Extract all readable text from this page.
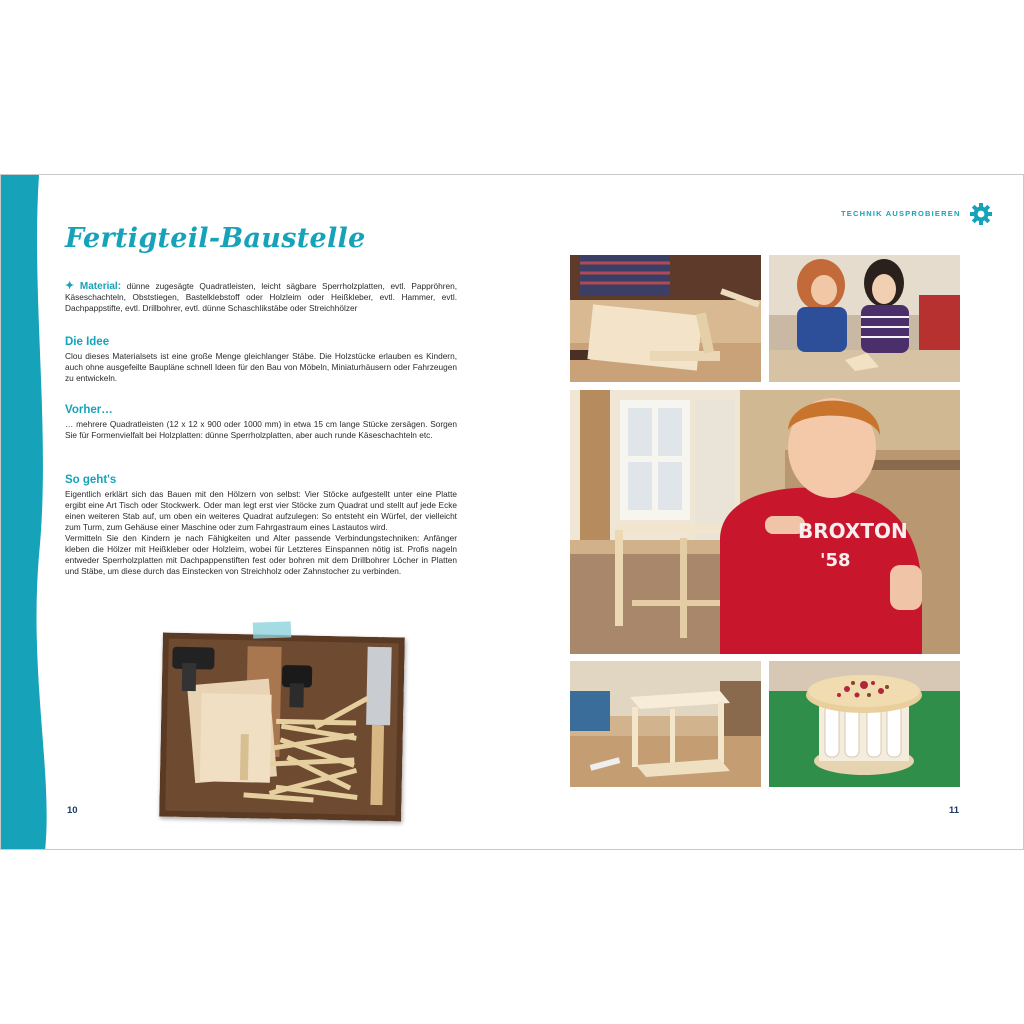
Fertigteil-Baustelle
✦ Material: dünne zugesägte Quadratleisten, leicht sägbare Sperrholzplatten, evtl. Pappröhren, Käseschachteln, Obststiegen, Bastelklebstoff oder Holzleim oder Heißkleber, evtl. Hammer, evtl. Dachpappstifte, evtl. Drillbohrer, evtl. dünne Schaschlikstäbe oder Streichhölzer
Die Idee

Clou dieses Materialsets ist eine große Menge gleichlanger Stäbe. Die Holzstücke erlauben es Kindern, auch ohne ausgefeilte Baupläne schnell Ideen für den Bau von Möbeln, Miniaturhäusern oder Fahrzeugen zu entwickeln.

Vorher…

… mehrere Quadratleisten (12 x 12 x 900 oder 1000 mm) in etwa 15 cm lange Stücke zersägen. Sorgen Sie für Formenvielfalt bei Holzplatten: dünne Sperrholzplatten, aber auch runde Käseschachteln etc.

So geht's

Eigentlich erklärt sich das Bauen mit den Hölzern von selbst: Vier Stöcke aufgestellt unter eine Platte ergibt eine Art Tisch oder Stockwerk. Oder man legt erst vier Stöcke zum Quadrat und stellt auf jede Ecke einen weiteren Stab auf, um oben ein weiteres Quadrat aufzulegen: So entsteht ein Würfel, der vielleicht zum Turm, zum Gehäuse einer Maschine oder zum Fahrgastraum eines Lastautos wird.

Vermitteln Sie den Kindern je nach Fähigkeiten und Alter passende Verbindungstechniken: Anfänger kleben die Hölzer mit Heißkleber oder Holzleim, wobei für Letzteres Einspannen nötig ist. Profis nageln entweder Sperrholzplatten mit Dachpappenstiften fest oder bohren mit dem Drillbohrer Löcher in Platten und Stäbe, um diese durch das Einstecken von Streichholz oder Zahnstocher zu verbinden.

10
TECHNIK AUSPROBIEREN
BROXTON
'58
11
